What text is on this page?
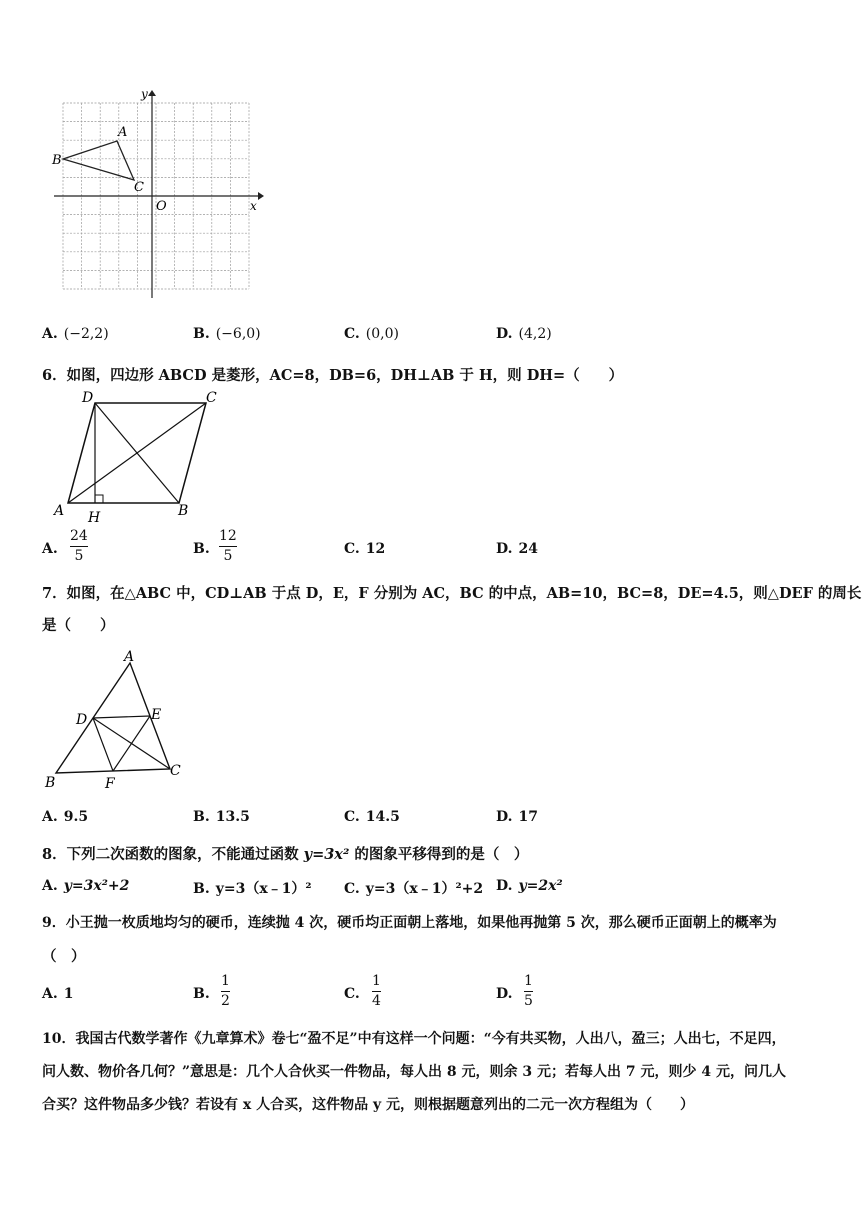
A
B
C
O	x
y
A. (−2,2)	B. (−6,0)	C. (0,0)	D. (4,2)
6．如图，四边形 ABCD 是菱形，AC=8，DB=6，DH⊥AB 于 H，则 DH=（　　）
D	C
A	B
H
A.
24
5	B.
12
5	C. 12	D. 24
7．如图，在△ABC 中，CD⊥AB 于点 D，E，F 分别为 AC，BC 的中点，AB=10，BC=8，DE=4.5，则△DEF 的周长
是（　　）
A
D	E
B	F
C
A. 9.5	B. 13.5	C. 14.5	D. 17
8．下列二次函数的图象，不能通过函数 y=3x² 的图象平移得到的是（　）
A. y=3x²+2	B. y=3（x﹣1）² C. y=3（x﹣1）²+2 D. y=2x²
9．小王抛一枚质地均匀的硬币，连续抛 4 次，硬币均正面朝上落地，如果他再抛第 5 次，那么硬币正面朝上的概率为
（　）
A. 1	B.
1
2	C.
1
4	D.
1
5
10．我国古代数学著作《九章算术》卷七“盈不足”中有这样一个问题：“今有共买物，人出八，盈三；人出七，不足四，
问人数、物价各几何？”意思是：几个人合伙买一件物品，每人出 8 元，则余 3 元；若每人出 7 元，则少 4 元，问几人
合买？这件物品多少钱？若设有 x 人合买，这件物品 y 元，则根据题意列出的二元一次方程组为（　　）
